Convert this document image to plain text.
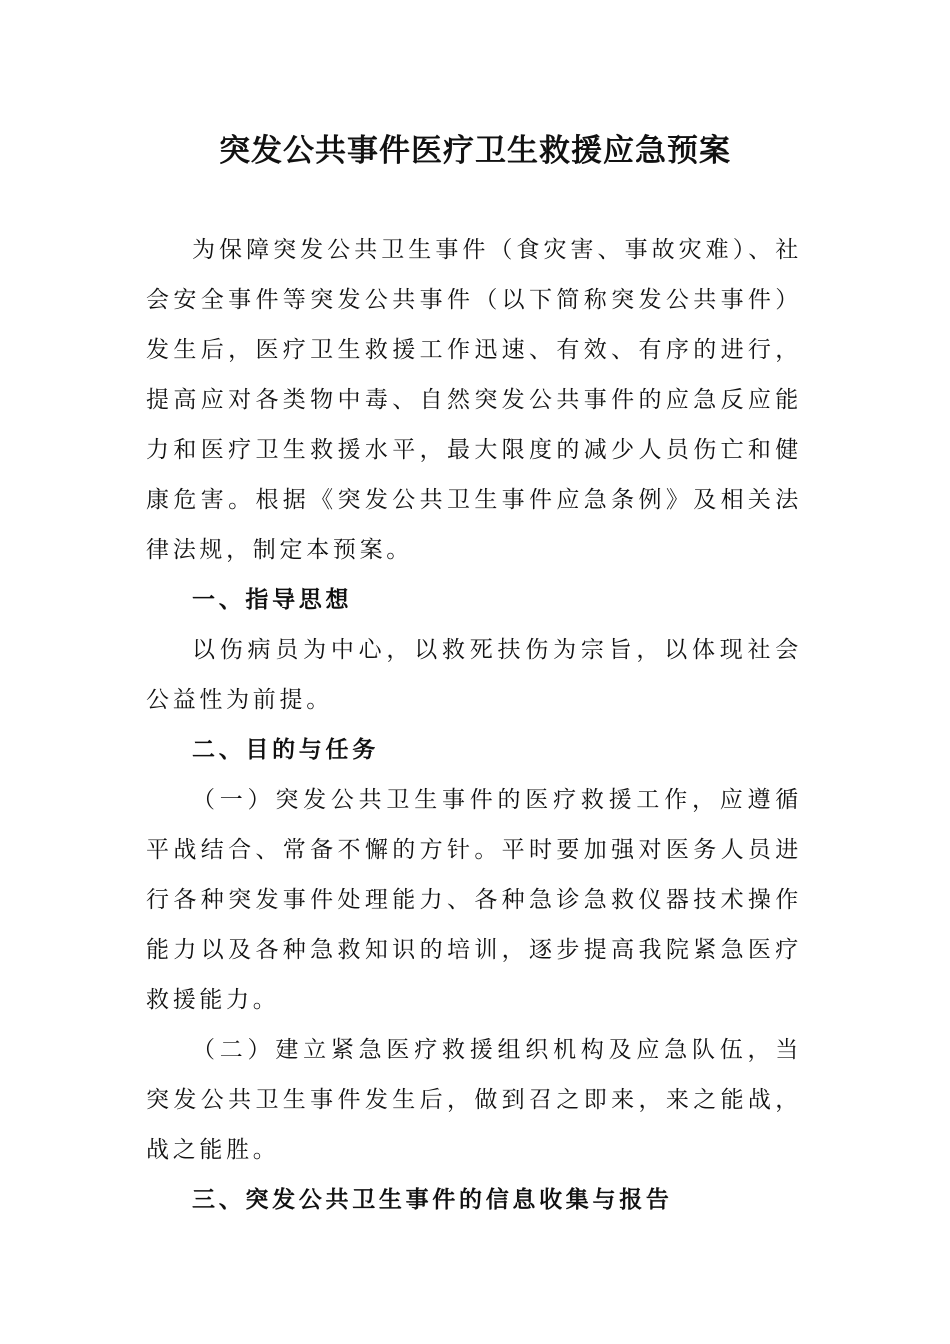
突发公共事件医疗卫生救援应急预案

为保障突发公共卫生事件（食灾害、事故灾难）、社会安全事件等突发公共事件（以下简称突发公共事件）发生后，医疗卫生救援工作迅速、有效、有序的进行，提高应对各类物中毒、自然突发公共事件的应急反应能力和医疗卫生救援水平，最大限度的减少人员伤亡和健康危害。根据《突发公共卫生事件应急条例》及相关法律法规，制定本预案。

一、指导思想

以伤病员为中心，以救死扶伤为宗旨，以体现社会公益性为前提。

二、目的与任务

（一）突发公共卫生事件的医疗救援工作，应遵循平战结合、常备不懈的方针。平时要加强对医务人员进行各种突发事件处理能力、各种急诊急救仪器技术操作能力以及各种急救知识的培训，逐步提高我院紧急医疗救援能力。

（二）建立紧急医疗救援组织机构及应急队伍，当突发公共卫生事件发生后，做到召之即来，来之能战，战之能胜。

三、突发公共卫生事件的信息收集与报告
